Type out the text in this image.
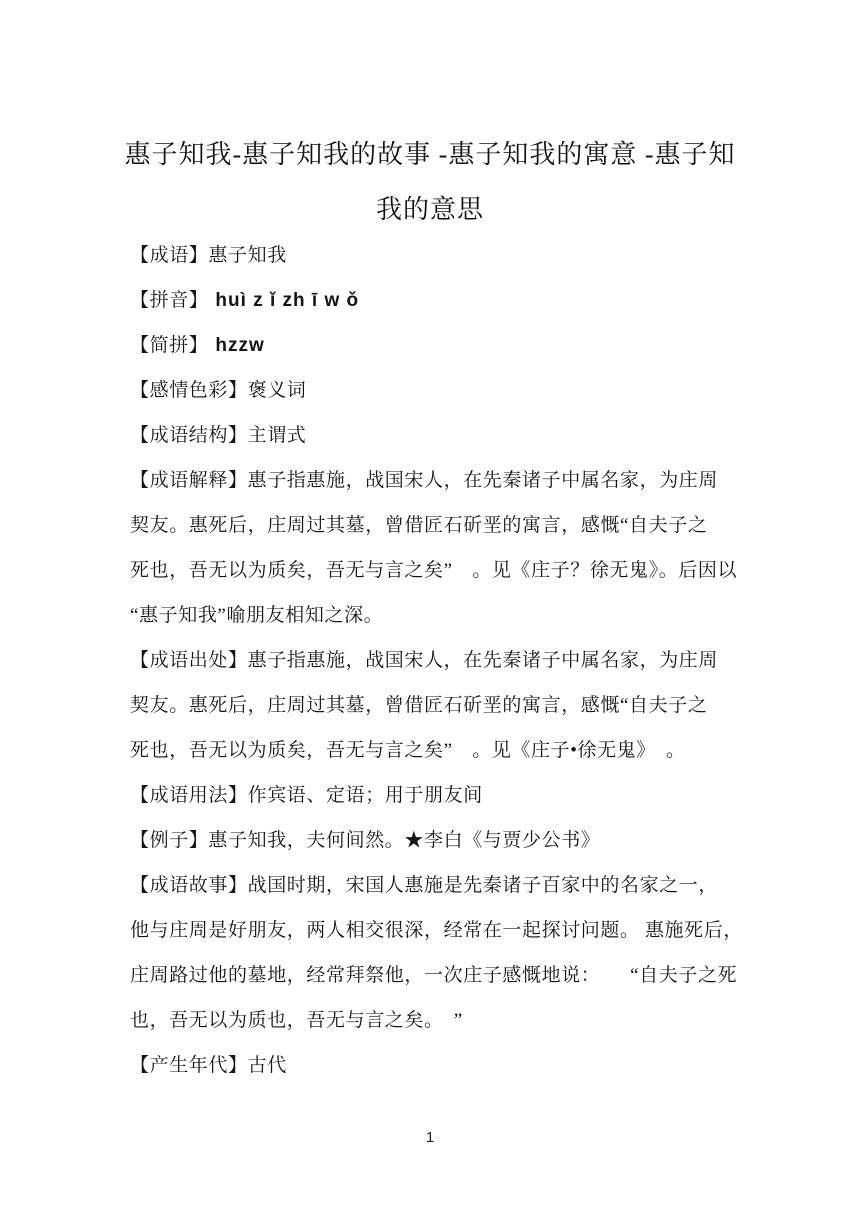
惠子知我-惠子知我的故事 -惠子知我的寓意 -惠子知
我的意思
【成语】惠子知我
【拼音】 huì z ǐ zh ī w ǒ
【简拼】 hzzw
【感情色彩】褒义词
【成语结构】主谓式
【成语解释】惠子指惠施，战国宋人，在先秦诸子中属名家，为庄周
契友。惠死后，庄周过其墓，曾借匠石斫垩的寓言，感慨“自夫子之
死也，吾无以为质矣，吾无与言之矣”　。见《庄子？徐无鬼》。后因以
“惠子知我”喻朋友相知之深。
【成语出处】惠子指惠施，战国宋人，在先秦诸子中属名家，为庄周
契友。惠死后，庄周过其墓，曾借匠石斫垩的寓言，感慨“自夫子之
死也，吾无以为质矣，吾无与言之矣”　。见《庄子•徐无鬼》　。
【成语用法】作宾语、定语；用于朋友间
【例子】惠子知我，夫何间然。★李白《与贾少公书》
【成语故事】战国时期，宋国人惠施是先秦诸子百家中的名家之一，
他与庄周是好朋友，两人相交很深，经常在一起探讨问题。 惠施死后，
庄周路过他的墓地，经常拜祭他，一次庄子感慨地说：　　“自夫子之死
也，吾无以为质也，吾无与言之矣。　”
【产生年代】古代
1
